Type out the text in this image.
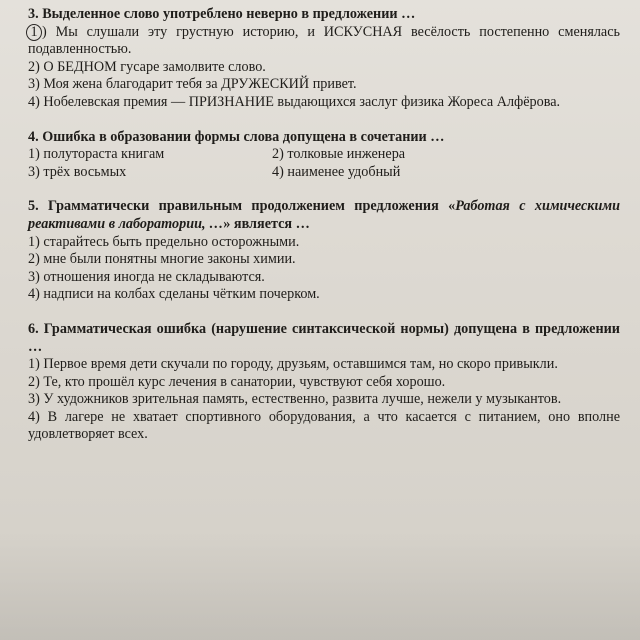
3. Выделенное слово употреблено неверно в предложении …

1 ) Мы слушали эту грустную историю, и ИСКУСНАЯ весёлость постепенно сменялась подавленностью.

2) О БЕДНОМ гусаре замолвите слово.

3) Моя жена благодарит тебя за ДРУЖЕСКИЙ привет.

4) Нобелевская премия — ПРИЗНАНИЕ выдающихся заслуг физика Жореса Алфёрова.

4. Ошибка в образовании формы слова допущена в сочетании …

1) полутораста книгам	2) толковые инженера

3) трёх восьмых	4) наименее удобный

5. Грамматически правильным продолжением предложения «Работая с химическими реактивами в лаборатории, …» является …

1) старайтесь быть предельно осторожными.

2) мне были понятны многие законы химии.

3) отношения иногда не складываются.

4) надписи на колбах сделаны чётким почерком.

6. Грамматическая ошибка (нарушение синтаксической нормы) допущена в предложении …

1) Первое время дети скучали по городу, друзьям, оставшимся там, но скоро привыкли.

2) Те, кто прошёл курс лечения в санатории, чувствуют себя хорошо.

3) У художников зрительная память, естественно, развита лучше, нежели у музыкантов.

4) В лагере не хватает спортивного оборудования, а что касается с питанием, оно вполне удовлетворяет всех.
